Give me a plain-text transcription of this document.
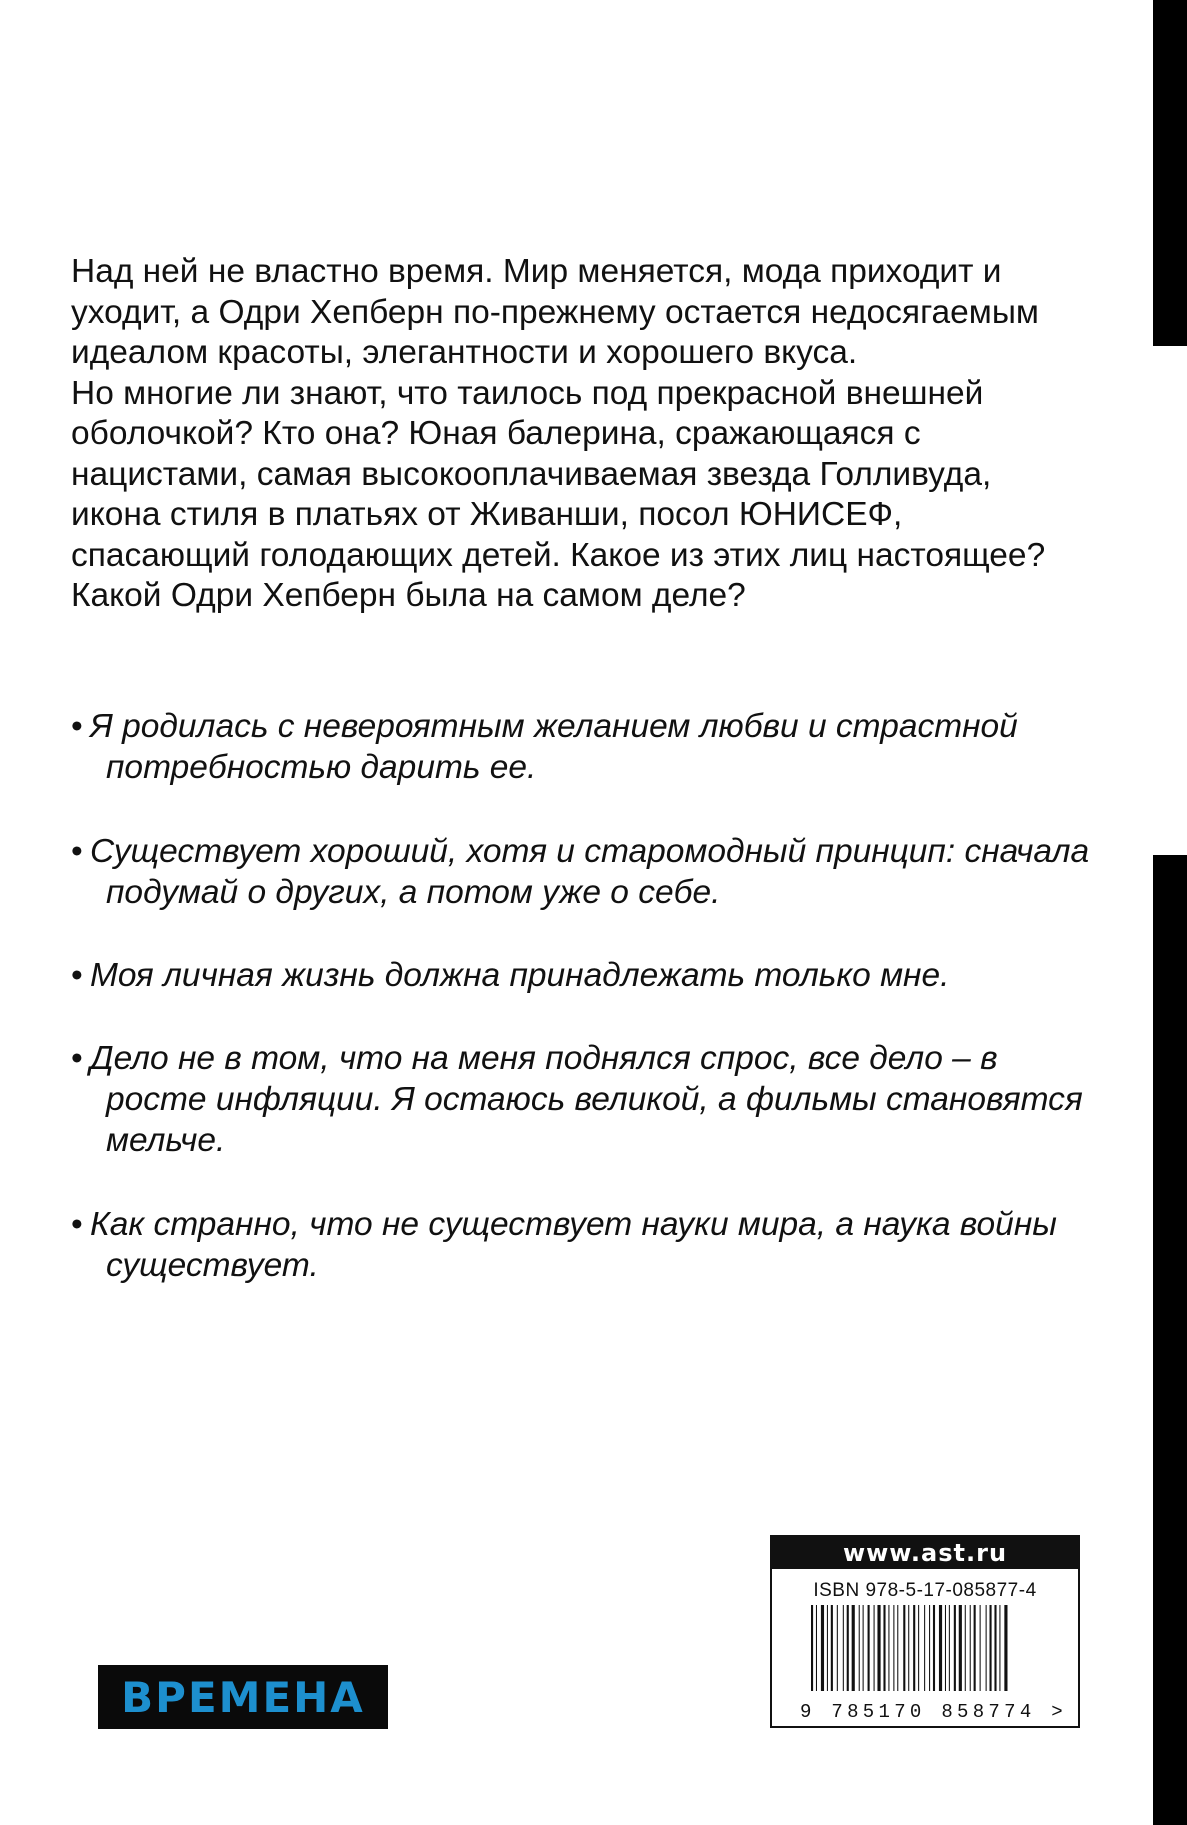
Над ней не властно время. Мир меняется, мода приходит и уходит, а Одри Хепберн по-прежнему остается недосягаемым идеалом красоты, элегантности и хорошего вкуса.

Но многие ли знают, что таилось под прекрасной внешней оболочкой? Кто она? Юная балерина, сражающаяся с нацистами, самая высокооплачиваемая звезда Голливуда, икона стиля в платьях от Живанши, посол ЮНИСЕФ, спасающий голодающих детей. Какое из этих лиц настоящее? Какой Одри Хепберн была на самом деле?

• Я родилась с невероятным желанием любви и страстной потребностью дарить ее.
• Существует хороший, хотя и старомодный принцип: сначала подумай о других, а потом уже о себе.
• Моя личная жизнь должна принадлежать только мне.
• Дело не в том, что на меня поднялся спрос, все дело – в росте инфляции. Я остаюсь великой, а фильмы становятся мельче.
• Как странно, что не существует науки мира, а наука войны существует.
ВРЕМЕНА
www.ast.ru
ISBN 978-5-17-085877-4
9 785170 858774 >
